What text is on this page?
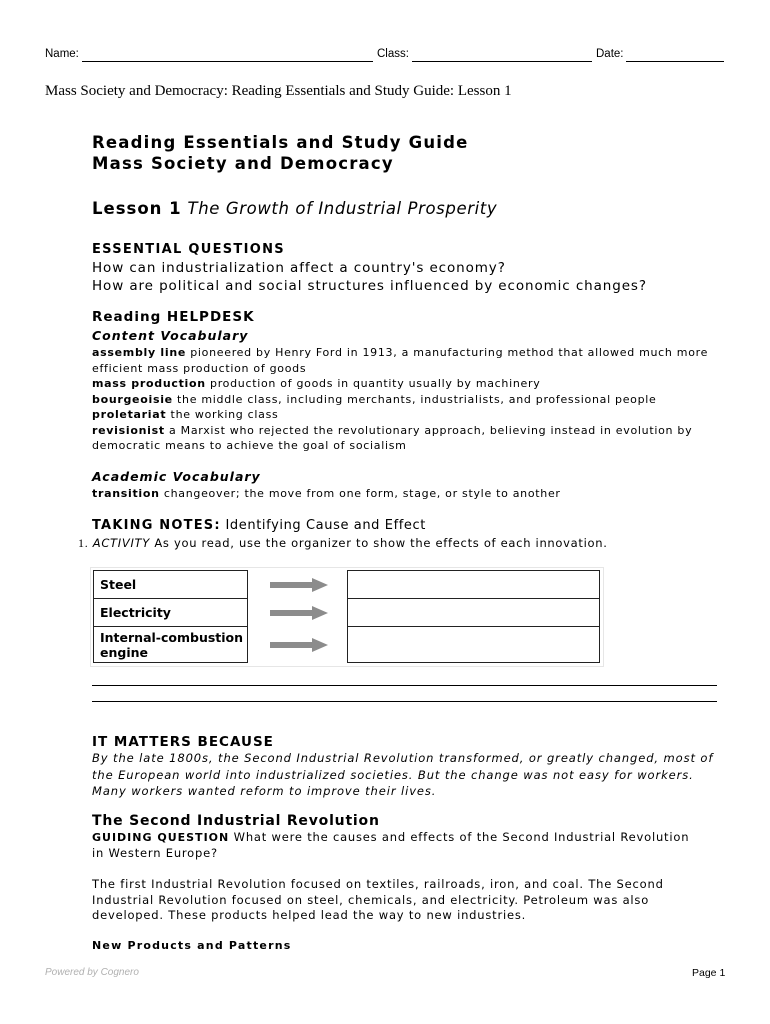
Name:	Class:	Date:
Mass Society and Democracy: Reading Essentials and Study Guide: Lesson 1
Reading Essentials and Study Guide
Mass Society and Democracy
Lesson 1 The Growth of Industrial Prosperity
ESSENTIAL QUESTIONS
How can industrialization affect a country's economy?
How are political and social structures influenced by economic changes?
Reading HELPDESK
Content Vocabulary
assembly line pioneered by Henry Ford in 1913, a manufacturing method that allowed much more efficient mass production of goods
mass production production of goods in quantity usually by machinery
bourgeoisie the middle class, including merchants, industrialists, and professional people
proletariat the working class
revisionist a Marxist who rejected the revolutionary approach, believing instead in evolution by democratic means to achieve the goal of socialism
Academic Vocabulary
transition changeover; the move from one form, stage, or style to another
TAKING NOTES: Identifying Cause and Effect
1. ACTIVITY As you read, use the organizer to show the effects of each innovation.
Steel
Electricity
Internal-combustion engine
IT MATTERS BECAUSE
By the late 1800s, the Second Industrial Revolution transformed, or greatly changed, most of the European world into industrialized societies. But the change was not easy for workers. Many workers wanted reform to improve their lives.
The Second Industrial Revolution
GUIDING QUESTION What were the causes and effects of the Second Industrial Revolution in Western Europe?
The first Industrial Revolution focused on textiles, railroads, iron, and coal. The Second Industrial Revolution focused on steel, chemicals, and electricity. Petroleum was also developed. These products helped lead the way to new industries.
New Products and Patterns
Powered by Cognero	Page 1
